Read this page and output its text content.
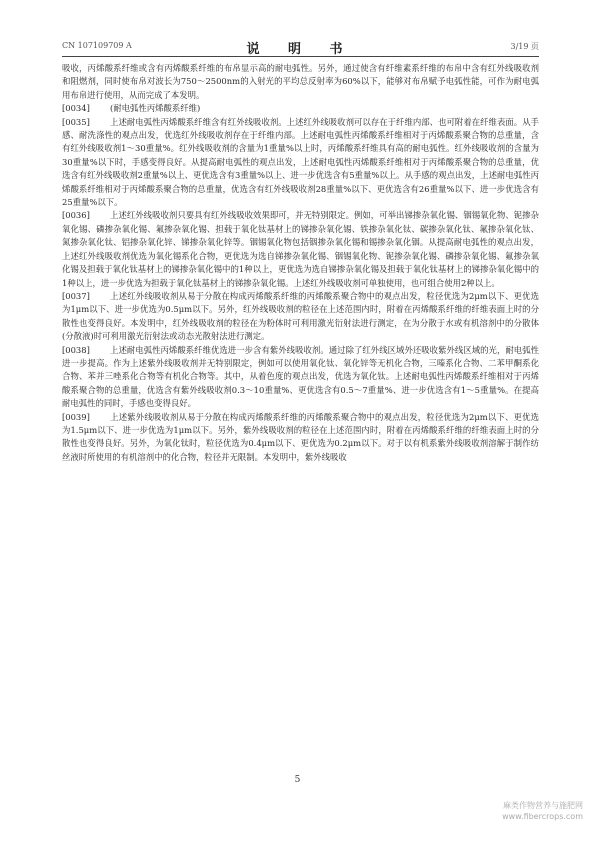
CN 107109709 A	说 明 书	3/19 页

吸收，丙烯酸系纤维或含有丙烯酸系纤维的布帛显示高的耐电弧性。另外，通过使含有纤维素系纤维的布帛中含有红外线吸收剂和阻燃剂，同时使布帛对波长为750～2500nm的入射光的平均总反射率为60%以下，能够对布帛赋予电弧性能，可作为耐电弧用布帛进行使用，从而完成了本发明。

[0034] (耐电弧性丙烯酸系纤维)

[0035] 上述耐电弧性丙烯酸系纤维含有红外线吸收剂。上述红外线吸收剂可以存在于纤维内部、也可附着在纤维表面。从手感、耐洗涤性的观点出发，优选红外线吸收剂存在于纤维内部。上述耐电弧性丙烯酸系纤维相对于丙烯酸系聚合物的总重量，含有红外线吸收剂1～30重量%。红外线吸收剂的含量为1重量%以上时，丙烯酸系纤维具有高的耐电弧性。红外线吸收剂的含量为30重量%以下时，手感变得良好。从提高耐电弧性的观点出发，上述耐电弧性丙烯酸系纤维相对于丙烯酸系聚合物的总重量，优选含有红外线吸收剂2重量%以上、更优选含有3重量%以上、进一步优选含有5重量%以上。从手感的观点出发，上述耐电弧性丙烯酸系纤维相对于丙烯酸系聚合物的总重量，优选含有红外线吸收剂28重量%以下、更优选含有26重量%以下、进一步优选含有25重量%以下。

[0036] 上述红外线吸收剂只要具有红外线吸收效果即可，并无特别限定。例如，可举出锑掺杂氧化锡、铟锡氧化物、铌掺杂氧化锡、磷掺杂氧化锡、氟掺杂氧化锡、担载于氧化钛基材上的锑掺杂氧化锡、铁掺杂氧化钛、碳掺杂氧化钛、氟掺杂氧化钛、氮掺杂氧化钛、铝掺杂氧化锌、锑掺杂氧化锌等。铟锡氧化物包括铟掺杂氧化锡和锡掺杂氧化铟。从提高耐电弧性的观点出发，上述红外线吸收剂优选为氧化锡系化合物，更优选为选自锑掺杂氧化锡、铟锡氧化物、铌掺杂氧化锡、磷掺杂氧化锡、氟掺杂氧化锡及担载于氧化钛基材上的锑掺杂氧化锡中的1种以上，更优选为选自锑掺杂氧化锡及担载于氧化钛基材上的锑掺杂氧化锡中的1种以上，进一步优选为担载于氧化钛基材上的锑掺杂氧化锡。上述红外线吸收剂可单独使用，也可组合使用2种以上。

[0037] 上述红外线吸收剂从易于分散在构成丙烯酸系纤维的丙烯酸系聚合物中的观点出发，粒径优选为2μm以下、更优选为1μm以下、进一步优选为0.5μm以下。另外，红外线吸收剂的粒径在上述范围内时，附着在丙烯酸系纤维的纤维表面上时的分散性也变得良好。本发明中，红外线吸收剂的粒径在为粉体时可利用激光衍射法进行测定，在为分散于水或有机溶剂中的分散体(分散液)时可利用激光衍射法或动态光散射法进行测定。

[0038] 上述耐电弧性丙烯酸系纤维优选进一步含有紫外线吸收剂。通过除了红外线区域外还吸收紫外线区域的光，耐电弧性进一步提高。作为上述紫外线吸收剂并无特别限定，例如可以使用氧化钛、氧化锌等无机化合物，三嗪系化合物、二苯甲酮系化合物、苯并三唑系化合物等有机化合物等。其中，从着色度的观点出发，优选为氧化钛。上述耐电弧性丙烯酸系纤维相对于丙烯酸系聚合物的总重量，优选含有紫外线吸收剂0.3～10重量%、更优选含有0.5～7重量%、进一步优选含有1～5重量%。在提高耐电弧性的同时，手感也变得良好。

[0039] 上述紫外线吸收剂从易于分散在构成丙烯酸系纤维的丙烯酸系聚合物中的观点出发，粒径优选为2μm以下、更优选为1.5μm以下、进一步优选为1μm以下。另外，紫外线吸收剂的粒径在上述范围内时，附着在丙烯酸系纤维的纤维表面上时的分散性也变得良好。另外，为氧化钛时，粒径优选为0.4μm以下、更优选为0.2μm以下。对于以有机系紫外线吸收剂溶解于制作纺丝液时所使用的有机溶剂中的化合物，粒径并无限制。本发明中，紫外线吸收

5
麻类作物营养与施肥网
www.fibercrops.com
